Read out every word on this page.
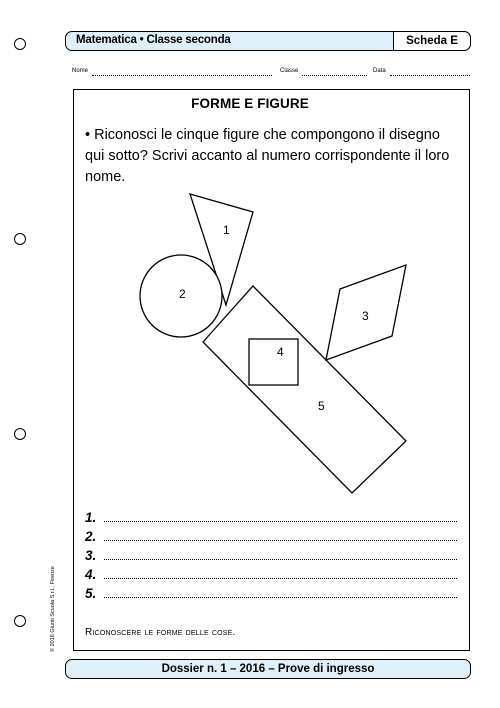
Matematica • Classe seconda	Scheda E
Nome	Classe	Data
FORME E FIGURE
• Riconosci le cinque figure che compongono il disegno qui sotto? Scrivi accanto al numero corrispondente il loro nome.
1
2
3
4
5
1.
2.
3.
4.
5.
Riconoscere le forme delle cose.
© 2016 Giunti Scuola S.r.l., Firenze
Dossier n. 1 – 2016 – Prove di ingresso
